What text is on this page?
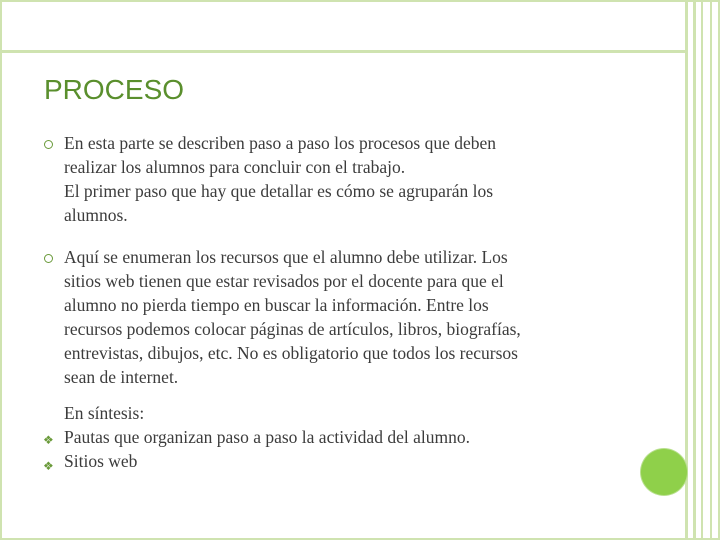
PROCESO
En esta parte se describen paso a paso los procesos que deben
realizar los alumnos para concluir con el trabajo.
El primer paso que hay que detallar es cómo se agruparán los
alumnos.
Aquí se enumeran los recursos que el alumno debe utilizar. Los
sitios web tienen que estar revisados por el docente para que el
alumno no pierda tiempo en buscar la información. Entre los
recursos podemos colocar páginas de artículos, libros, biografías,
entrevistas, dibujos, etc. No es obligatorio que todos los recursos
sean de internet.
En síntesis:
Pautas que organizan paso a paso la actividad del alumno.
Sitios web
❖
❖
